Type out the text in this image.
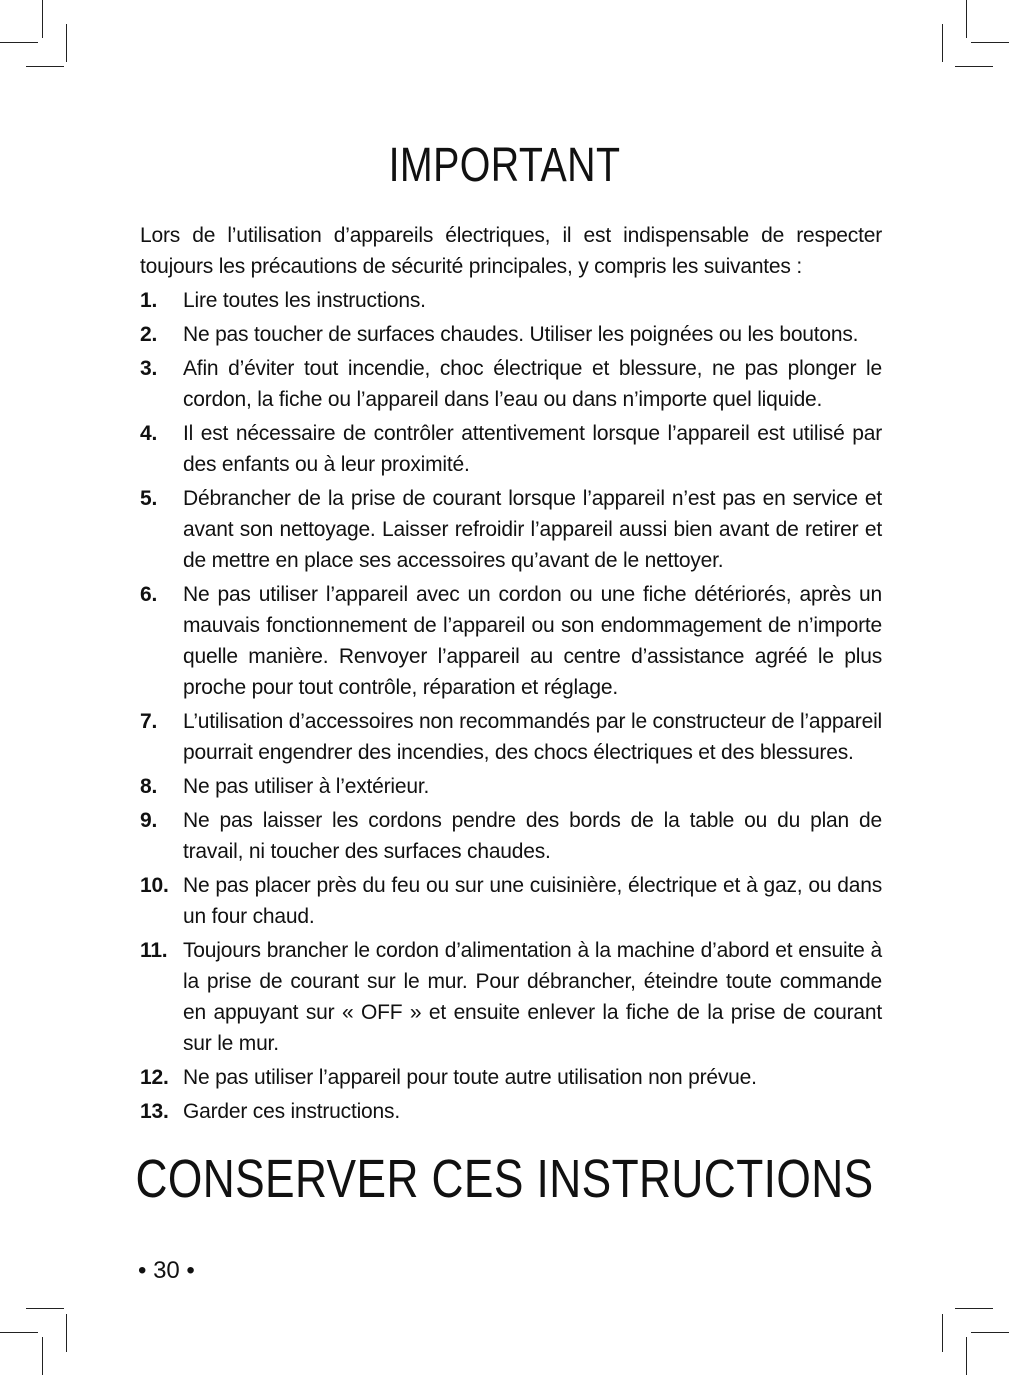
IMPORTANT

Lors de l’utilisation d’appareils électriques, il est indispensable de respecter toujours les précautions de sécurité principales, y compris les suivantes :

1. Lire toutes les instructions.
2. Ne pas toucher de surfaces chaudes. Utiliser les poignées ou les boutons.
3. Afin d’éviter tout incendie, choc électrique et blessure, ne pas plonger le cordon, la fiche ou l’appareil dans l’eau ou dans n’importe quel liquide.
4. Il est nécessaire de contrôler attentivement lorsque l’appareil est utilisé par des enfants ou à leur proximité.
5. Débrancher de la prise de courant lorsque l’appareil n’est pas en service et avant son nettoyage. Laisser refroidir l’appareil aussi bien avant de retirer et de mettre en place ses accessoires qu’avant de le nettoyer.
6. Ne pas utiliser l’appareil avec un cordon ou une fiche détériorés, après un mauvais fonctionnement de l’appareil ou son endommagement de n’importe quelle manière. Renvoyer l’appareil au centre d’assistance agréé le plus proche pour tout contrôle, réparation et réglage.
7. L’utilisation d’accessoires non recommandés par le constructeur de l’appareil pourrait engendrer des incendies, des chocs électriques et des blessures.
8. Ne pas utiliser à l’extérieur.
9. Ne pas laisser les cordons pendre des bords de la table ou du plan de travail, ni toucher des surfaces chaudes.
10. Ne pas placer près du feu ou sur une cuisinière, électrique et à gaz, ou dans un four chaud.
11. Toujours brancher le cordon d’alimentation à la machine d’abord et ensuite à la prise de courant sur le mur. Pour débrancher, éteindre toute commande en appuyant sur « OFF » et ensuite enlever la fiche de la prise de courant sur le mur.
12. Ne pas utiliser l’appareil pour toute autre utilisation non prévue.
13. Garder ces instructions.
CONSERVER CES INSTRUCTIONS
• 30 •
